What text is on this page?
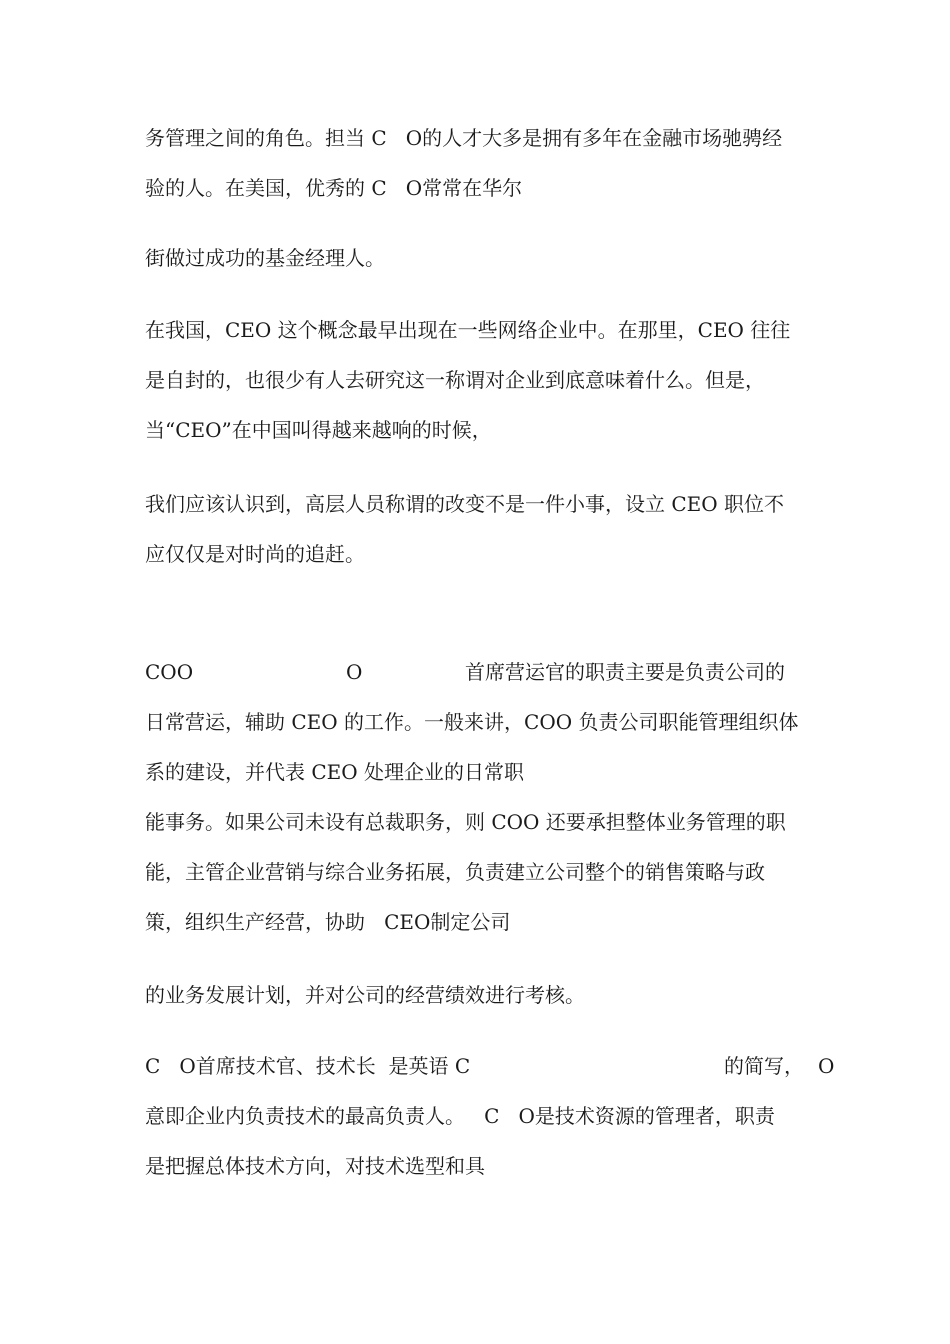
务管理之间的角色。担当 C   O的人才大多是拥有多年在金融市场驰骋经

验的人。在美国，优秀的 C   O常常在华尔

街做过成功的基金经理人。

在我国，CEO 这个概念最早出现在一些网络企业中。在那里，CEO 往往

是自封的，也很少有人去研究这一称谓对企业到底意味着什么。但是，

当“CEO”在中国叫得越来越响的时候，

我们应该认识到，高层人员称谓的改变不是一件小事，设立 CEO 职位不

应仅仅是对时尚的追赶。

COO	O	首席营运官的职责主要是负责公司的

日常营运，辅助 CEO 的工作。一般来讲，COO 负责公司职能管理组织体

系的建设，并代表 CEO 处理企业的日常职

能事务。如果公司未设有总裁职务，则 COO 还要承担整体业务管理的职

能，主管企业营销与综合业务拓展，负责建立公司整个的销售策略与政

策，组织生产经营，协助   CEO制定公司

的业务发展计划，并对公司的经营绩效进行考核。

C   O首席技术官、技术长  是英语 C	的简写， O

意即企业内负责技术的最高负责人。   C   O是技术资源的管理者，职责

是把握总体技术方向，对技术选型和具
